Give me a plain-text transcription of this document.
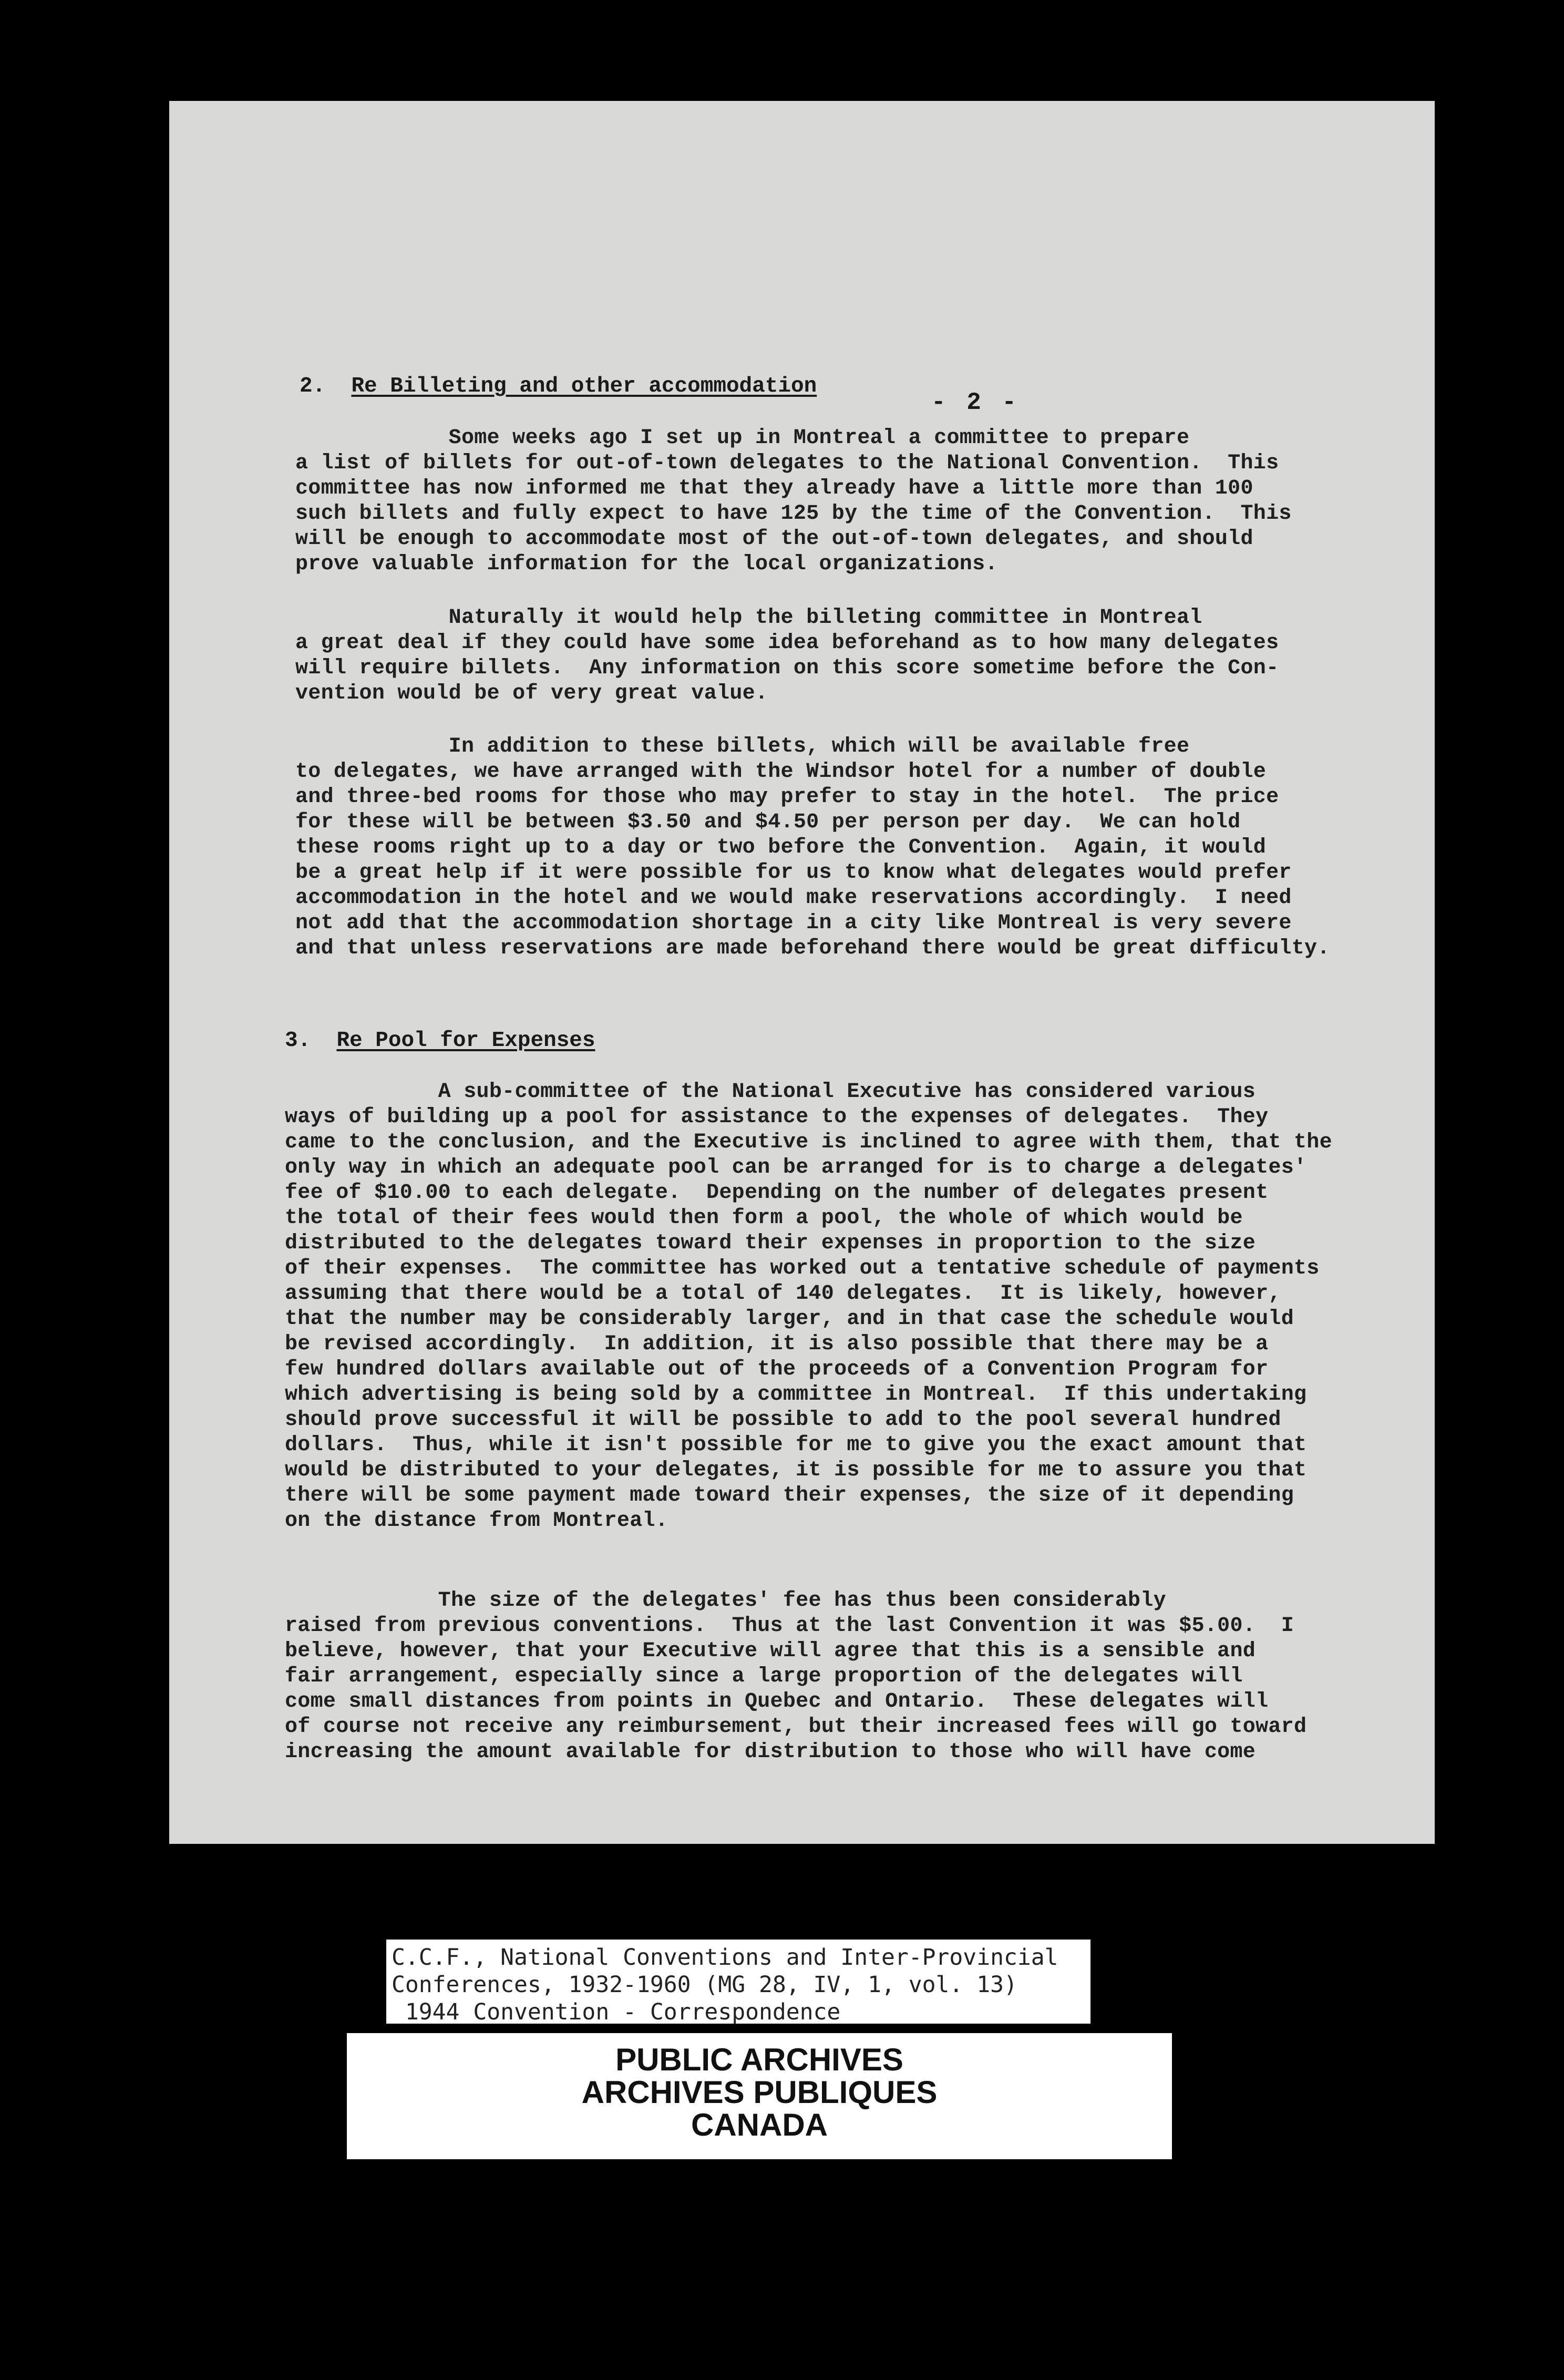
- 2 -
2. Re Billeting and other accommodation
Some weeks ago I set up in Montreal a committee to prepare
a list of billets for out-of-town delegates to the National Convention.  This
committee has now informed me that they already have a little more than 100
such billets and fully expect to have 125 by the time of the Convention.  This
will be enough to accommodate most of the out-of-town delegates, and should
prove valuable information for the local organizations.
Naturally it would help the billeting committee in Montreal
a great deal if they could have some idea beforehand as to how many delegates
will require billets.  Any information on this score sometime before the Con-
vention would be of very great value.
In addition to these billets, which will be available free
to delegates, we have arranged with the Windsor hotel for a number of double
and three-bed rooms for those who may prefer to stay in the hotel.  The price
for these will be between $3.50 and $4.50 per person per day.  We can hold
these rooms right up to a day or two before the Convention.  Again, it would
be a great help if it were possible for us to know what delegates would prefer
accommodation in the hotel and we would make reservations accordingly.  I need
not add that the accommodation shortage in a city like Montreal is very severe
and that unless reservations are made beforehand there would be great difficulty.
3. Re Pool for Expenses
A sub-committee of the National Executive has considered various
ways of building up a pool for assistance to the expenses of delegates.  They
came to the conclusion, and the Executive is inclined to agree with them, that the
only way in which an adequate pool can be arranged for is to charge a delegates'
fee of $10.00 to each delegate.  Depending on the number of delegates present
the total of their fees would then form a pool, the whole of which would be
distributed to the delegates toward their expenses in proportion to the size
of their expenses.  The committee has worked out a tentative schedule of payments
assuming that there would be a total of 140 delegates.  It is likely, however,
that the number may be considerably larger, and in that case the schedule would
be revised accordingly.  In addition, it is also possible that there may be a
few hundred dollars available out of the proceeds of a Convention Program for
which advertising is being sold by a committee in Montreal.  If this undertaking
should prove successful it will be possible to add to the pool several hundred
dollars.  Thus, while it isn't possible for me to give you the exact amount that
would be distributed to your delegates, it is possible for me to assure you that
there will be some payment made toward their expenses, the size of it depending
on the distance from Montreal.
The size of the delegates' fee has thus been considerably
raised from previous conventions.  Thus at the last Convention it was $5.00.  I
believe, however, that your Executive will agree that this is a sensible and
fair arrangement, especially since a large proportion of the delegates will
come small distances from points in Quebec and Ontario.  These delegates will
of course not receive any reimbursement, but their increased fees will go toward
increasing the amount available for distribution to those who will have come
C.C.F., National Conventions and Inter-Provincial
Conferences, 1932-1960 (MG 28, IV, 1, vol. 13)
1944 Convention - Correspondence
PUBLIC ARCHIVES
ARCHIVES PUBLIQUES
CANADA
